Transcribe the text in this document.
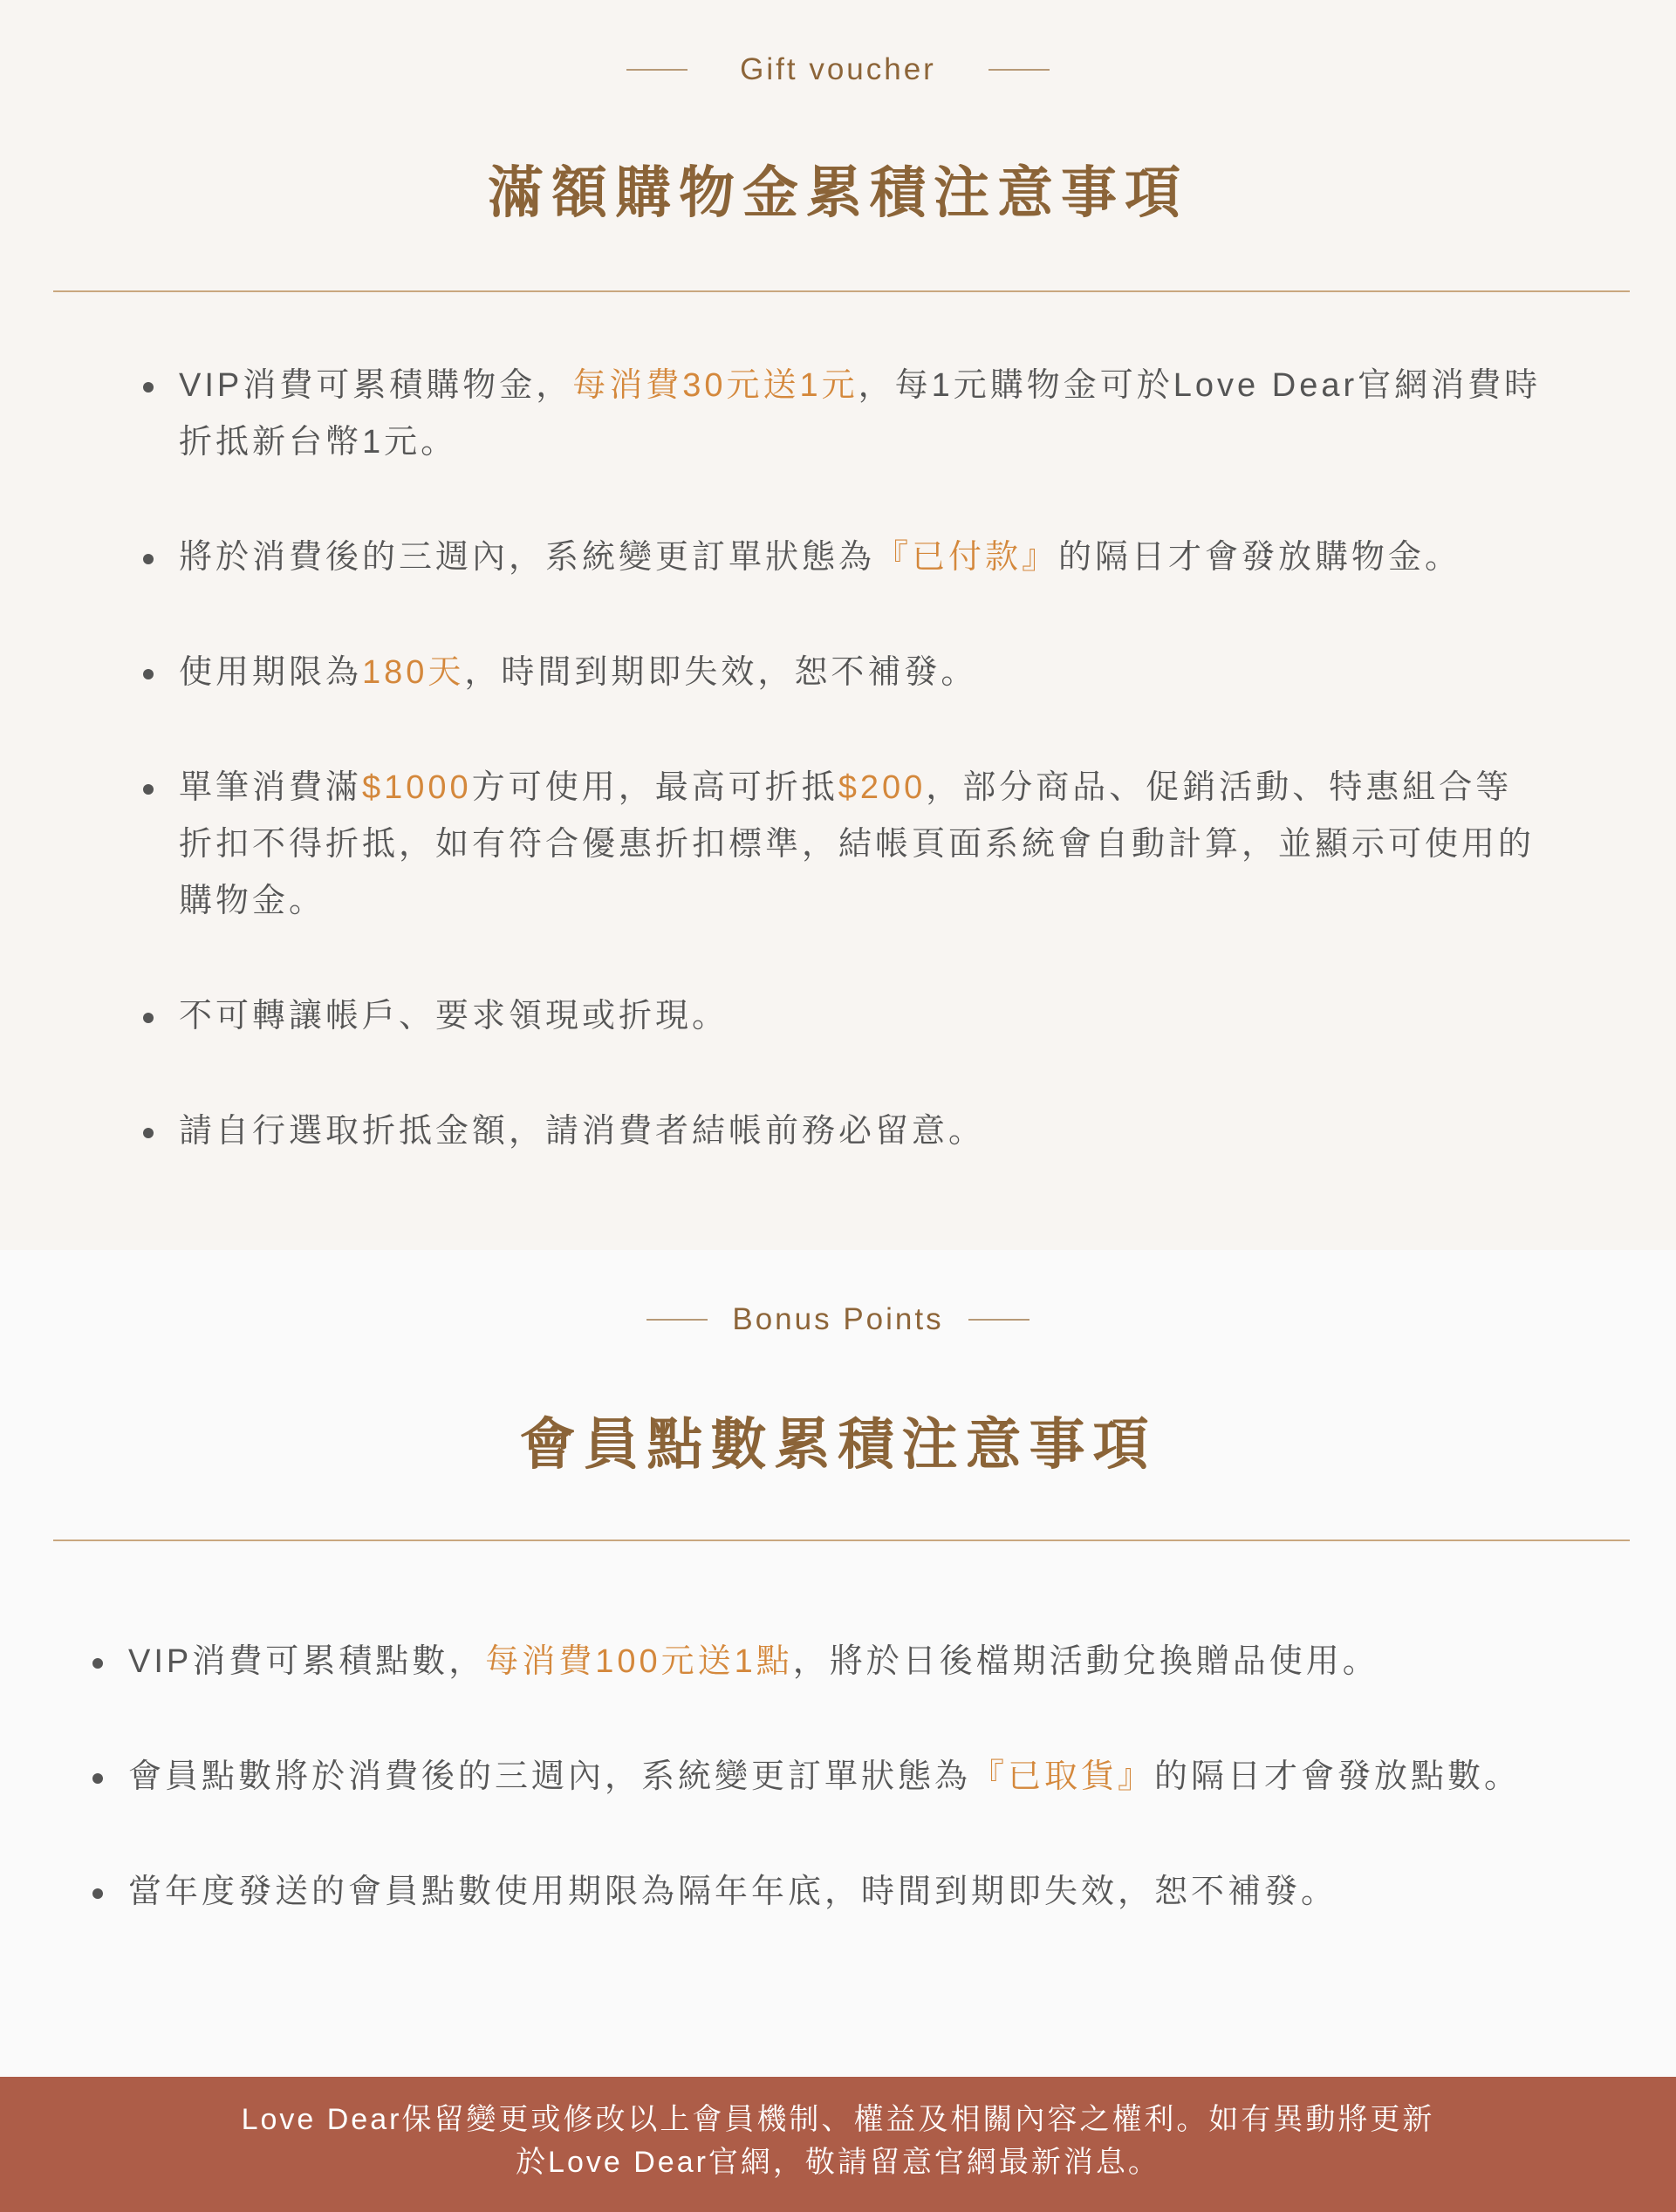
Gift voucher
滿額購物金累積注意事項
VIP消費可累積購物金，每消費30元送1元，每1元購物金可於Love Dear官網消費時折抵新台幣1元。
將於消費後的三週內，系統變更訂單狀態為『已付款』的隔日才會發放購物金。
使用期限為180天，時間到期即失效，恕不補發。
單筆消費滿$1000方可使用，最高可折抵$200，部分商品、促銷活動、特惠組合等折扣不得折抵，如有符合優惠折扣標準，結帳頁面系統會自動計算，並顯示可使用的購物金。
不可轉讓帳戶、要求領現或折現。
請自行選取折抵金額，請消費者結帳前務必留意。
Bonus Points
會員點數累積注意事項
VIP消費可累積點數，每消費100元送1點，將於日後檔期活動兌換贈品使用。
會員點數將於消費後的三週內，系統變更訂單狀態為『已取貨』的隔日才會發放點數。
當年度發送的會員點數使用期限為隔年年底，時間到期即失效，恕不補發。
Love Dear保留變更或修改以上會員機制、權益及相關內容之權利。如有異動將更新
於Love Dear官網，敬請留意官網最新消息。
